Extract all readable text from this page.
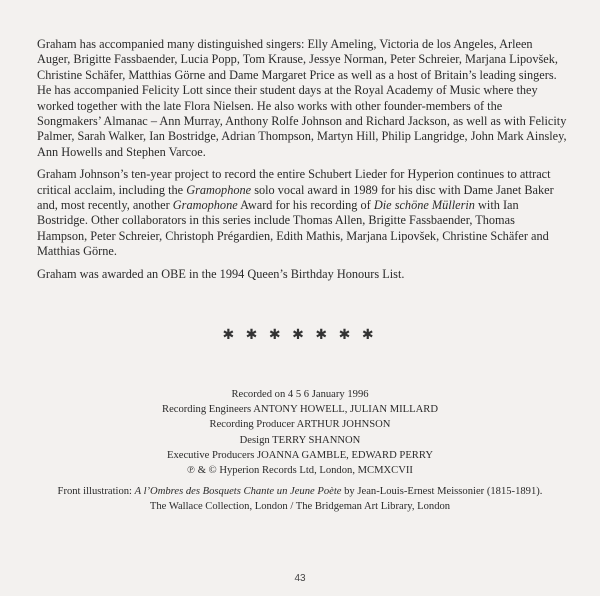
Graham has accompanied many distinguished singers: Elly Ameling, Victoria de los Angeles, Arleen Auger, Brigitte Fassbaender, Lucia Popp, Tom Krause, Jessye Norman, Peter Schreier, Marjana Lipovšek, Christine Schäfer, Matthias Görne and Dame Margaret Price as well as a host of Britain’s leading singers. He has accompanied Felicity Lott since their student days at the Royal Academy of Music where they worked together with the late Flora Nielsen. He also works with other founder-members of the Songmakers’ Almanac – Ann Murray, Anthony Rolfe Johnson and Richard Jackson, as well as with Felicity Palmer, Sarah Walker, Ian Bostridge, Adrian Thompson, Martyn Hill, Philip Langridge, John Mark Ainsley, Ann Howells and Stephen Varcoe.

Graham Johnson’s ten-year project to record the entire Schubert Lieder for Hyperion continues to attract critical acclaim, including the Gramophone solo vocal award in 1989 for his disc with Dame Janet Baker and, most recently, another Gramophone Award for his recording of Die schöne Müllerin with Ian Bostridge. Other collaborators in this series include Thomas Allen, Brigitte Fassbaender, Thomas Hampson, Peter Schreier, Christoph Prégardien, Edith Mathis, Marjana Lipovšek, Christine Schäfer and Matthias Görne.

Graham was awarded an OBE in the 1994 Queen’s Birthday Honours List.

✱ ✱ ✱ ✱ ✱ ✱ ✱
Recorded on 4 5 6 January 1996
Recording Engineers ANTONY HOWELL, JULIAN MILLARD
Recording Producer ARTHUR JOHNSON
Design TERRY SHANNON
Executive Producers JOANNA GAMBLE, EDWARD PERRY
℗ & © Hyperion Records Ltd, London, MCMXCVII
Front illustration: A l’Ombres des Bosquets Chante un Jeune Poète by Jean-Louis-Ernest Meissonier (1815-1891).
The Wallace Collection, London / The Bridgeman Art Library, London
43
